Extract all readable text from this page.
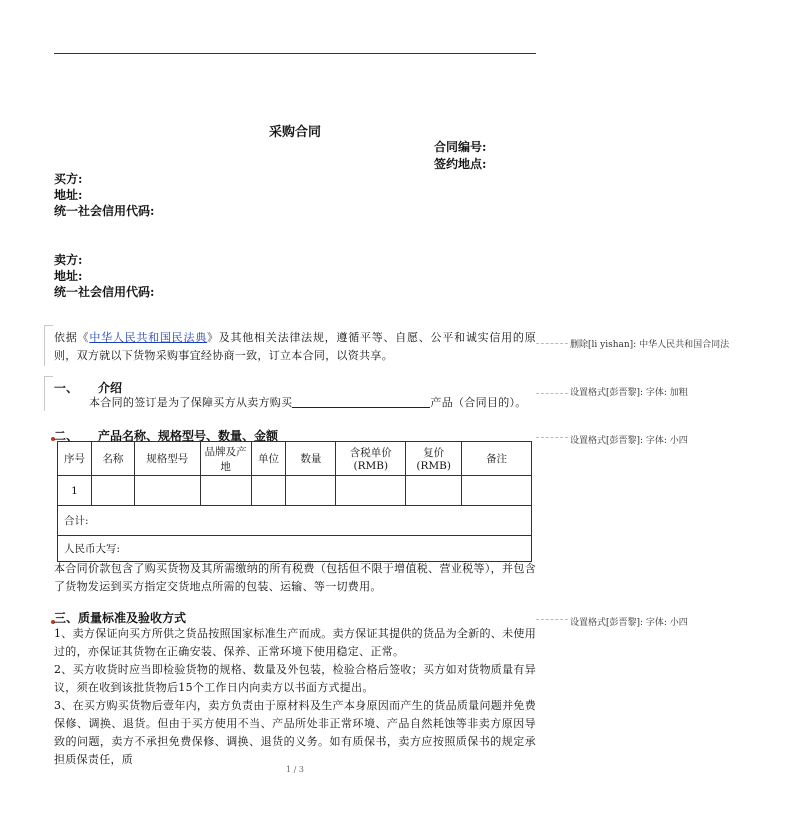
采购合同
合同编号:
签约地点:
买方:
地址:
统一社会信用代码:
卖方:
地址:
统一社会信用代码:
依据《中华人民共和国民法典》及其他相关法律法规，遵循平等、自愿、公平和诚实信用的原则，双方就以下货物采购事宜经协商一致，订立本合同，以资共享。
一、 介绍
本合同的签订是为了保障买方从卖方购买	产品（合同目的）。
二、 产品名称、规格型号、数量、金额
序号	名称	规格型号	品牌及产地	单位	数量	含税单价(RMB)	复价(RMB)	备注
1								
合计:								
人民币大写:								
本合同价款包含了购买货物及其所需缴纳的所有税费（包括但不限于增值税、营业税等），并包含了货物发运到买方指定交货地点所需的包装、运输、等一切费用。
三、质量标准及验收方式
1、卖方保证向买方所供之货品按照国家标准生产而成。卖方保证其提供的货品为全新的、未使用过的，亦保证其货物在正确安装、保养、正常环境下使用稳定、正常。
2、买方收货时应当即检验货物的规格、数量及外包装，检验合格后签收；买方如对货物质量有异议，须在收到该批货物后15个工作日内向卖方以书面方式提出。
3、在买方购买货物后壹年内，卖方负责由于原材料及生产本身原因而产生的货品质量问题并免费保修、调换、退货。但由于买方使用不当、产品所处非正常环境、产品自然耗蚀等非卖方原因导致的问题，卖方不承担免费保修、调换、退货的义务。如有质保书，卖方应按照质保书的规定承担质保责任，质
删除[li yishan]: 中华人民共和国合同法
设置格式[彭晋黎]: 字体: 加粗
设置格式[彭晋黎]: 字体: 小四
设置格式[彭晋黎]: 字体: 小四
1 / 3
